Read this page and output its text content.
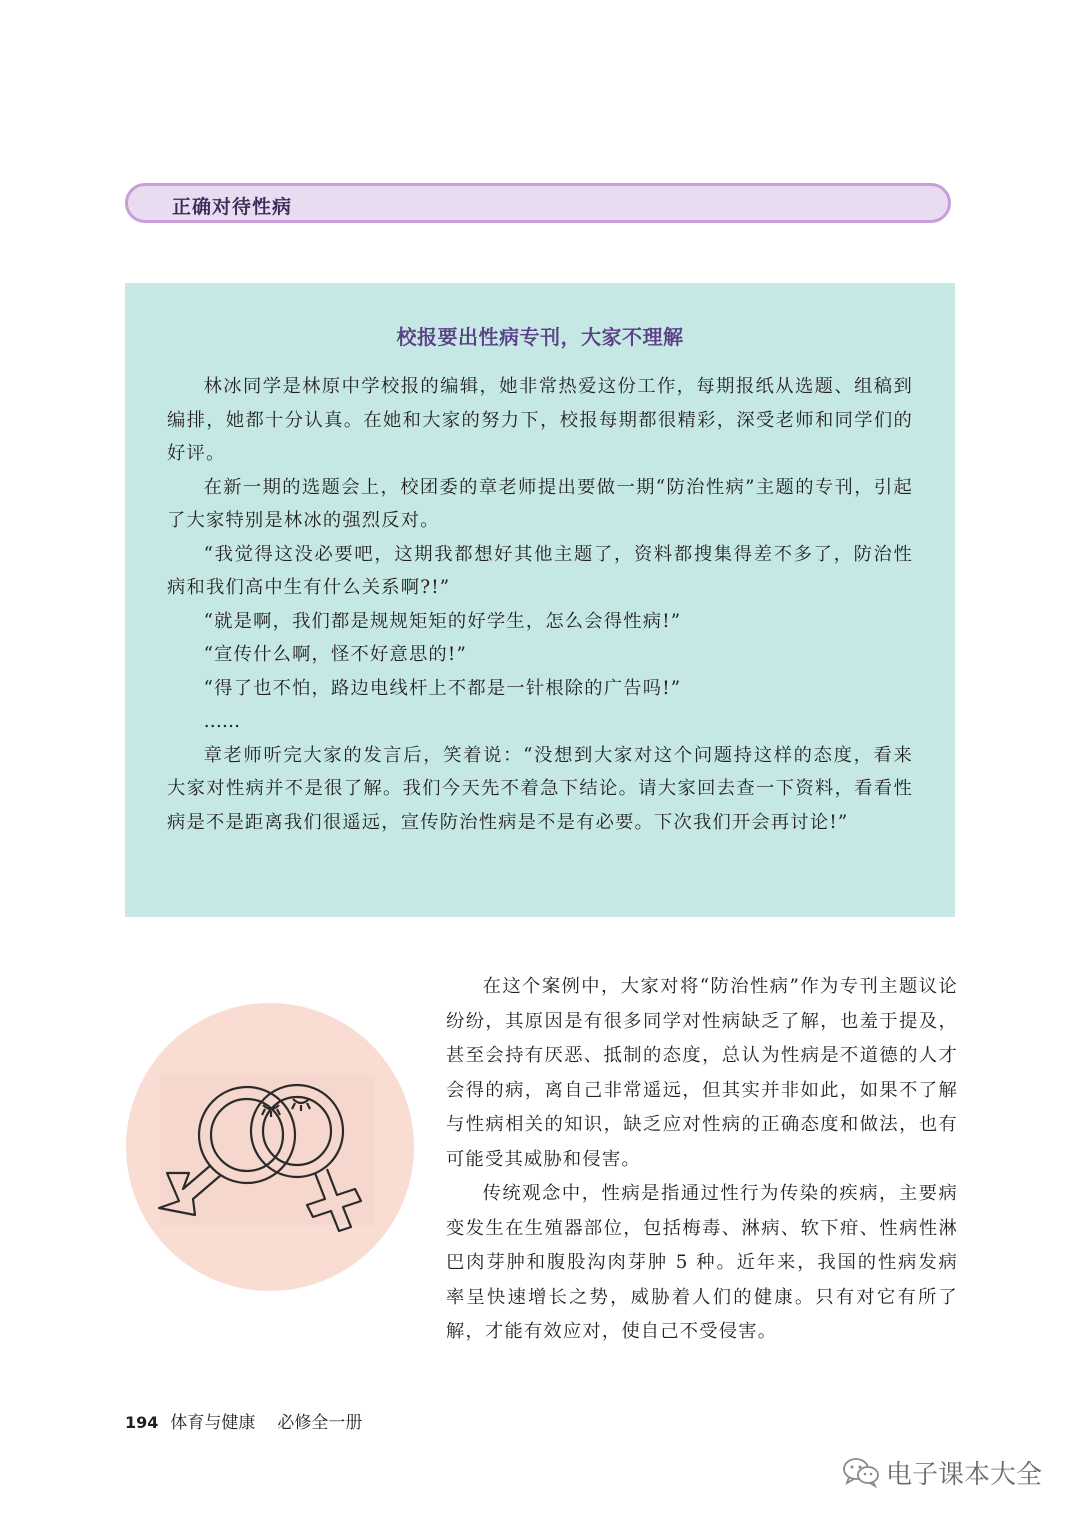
正确对待性病
校报要出性病专刊，大家不理解

林冰同学是林原中学校报的编辑，她非常热爱这份工作，每期报纸从选题、组稿到编排，她都十分认真。在她和大家的努力下，校报每期都很精彩，深受老师和同学们的好评。

在新一期的选题会上，校团委的章老师提出要做一期“防治性病”主题的专刊，引起了大家特别是林冰的强烈反对。

“我觉得这没必要吧，这期我都想好其他主题了，资料都搜集得差不多了，防治性病和我们高中生有什么关系啊?!”

“就是啊，我们都是规规矩矩的好学生，怎么会得性病!”

“宣传什么啊，怪不好意思的!”

“得了也不怕，路边电线杆上不都是一针根除的广告吗!”

……

章老师听完大家的发言后，笑着说：“没想到大家对这个问题持这样的态度，看来大家对性病并不是很了解。我们今天先不着急下结论。请大家回去查一下资料，看看性病是不是距离我们很遥远，宣传防治性病是不是有必要。下次我们开会再讨论!”

在这个案例中，大家对将“防治性病”作为专刊主题议论纷纷，其原因是有很多同学对性病缺乏了解，也羞于提及，甚至会持有厌恶、抵制的态度，总认为性病是不道德的人才会得的病，离自己非常遥远，但其实并非如此，如果不了解与性病相关的知识，缺乏应对性病的正确态度和做法，也有可能受其威胁和侵害。

传统观念中，性病是指通过性行为传染的疾病，主要病变发生在生殖器部位，包括梅毒、淋病、软下疳、性病性淋巴肉芽肿和腹股沟肉芽肿 5 种。近年来，我国的性病发病率呈快速增长之势，威胁着人们的健康。只有对它有所了解，才能有效应对，使自己不受侵害。

194 体育与健康 必修全一册
电子课本大全
